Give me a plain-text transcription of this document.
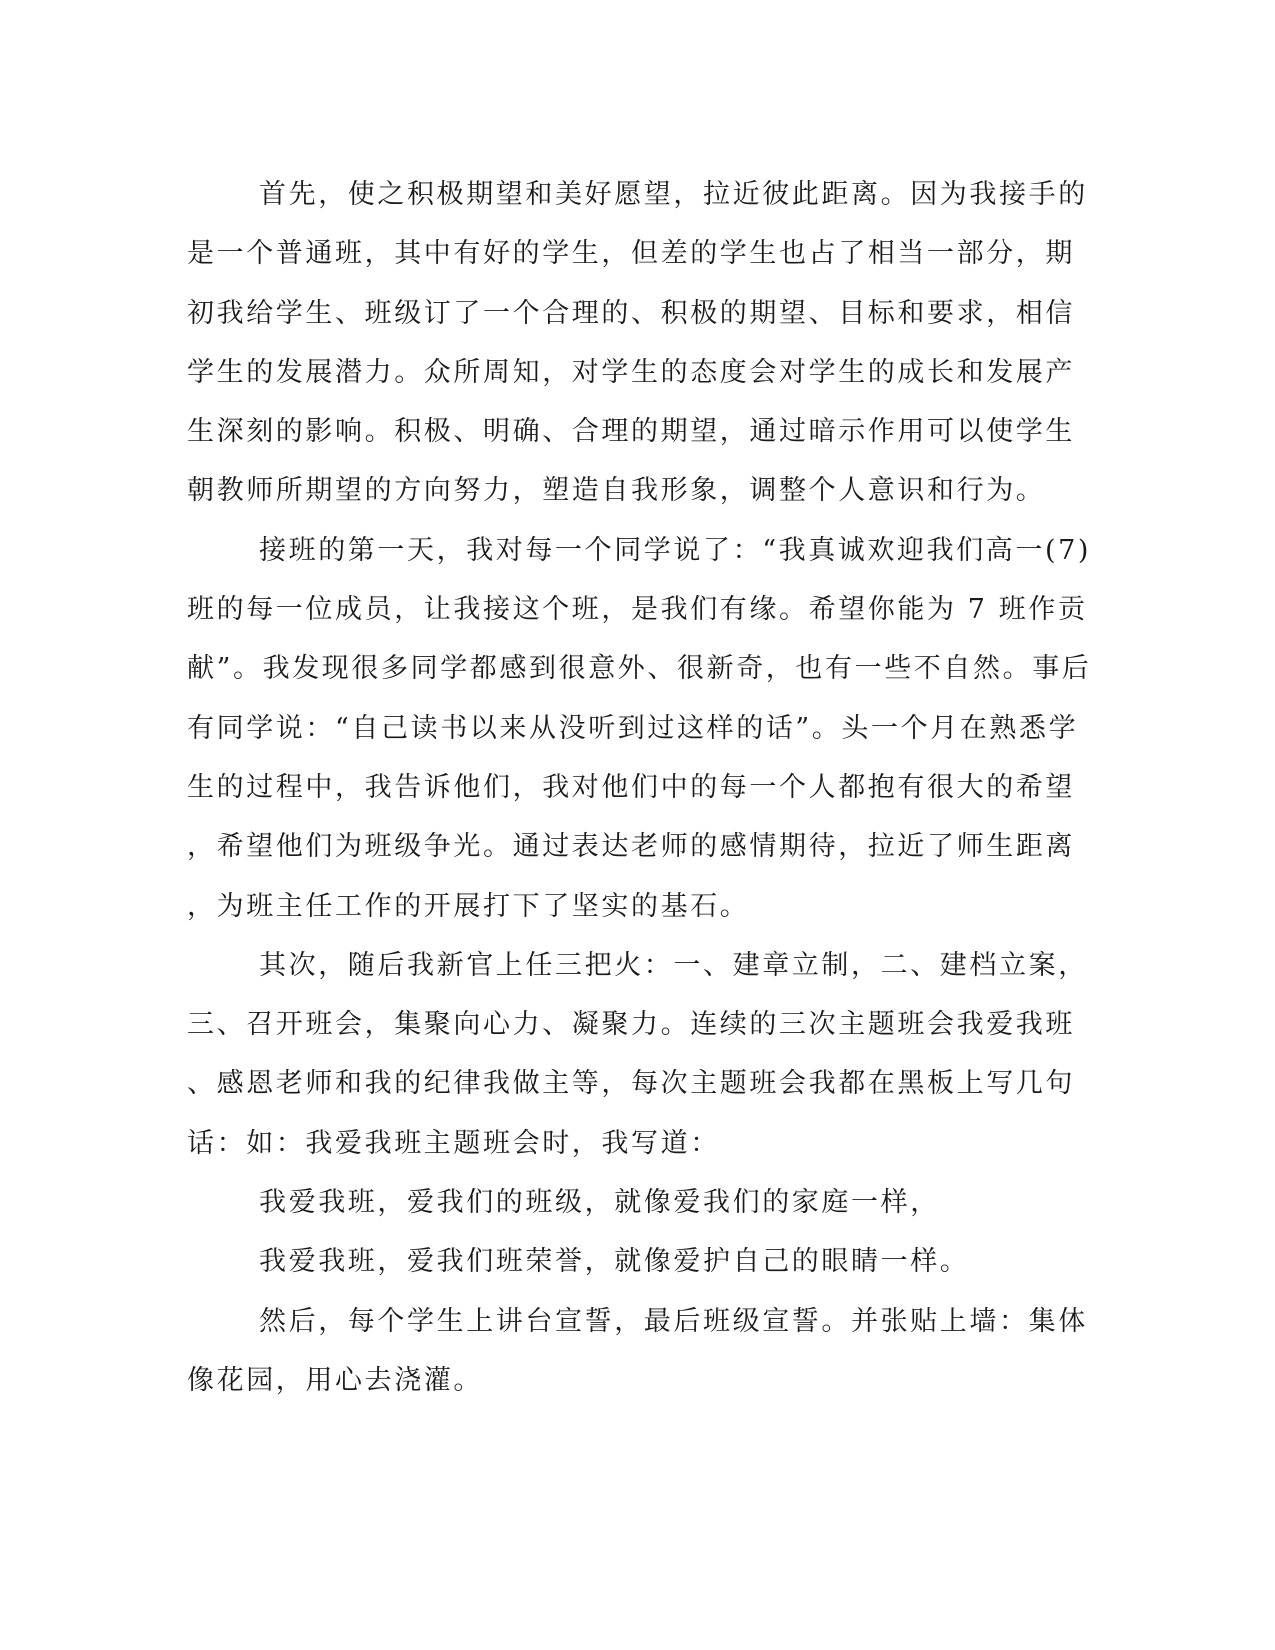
首先，使之积极期望和美好愿望，拉近彼此距离。因为我接手的
是一个普通班，其中有好的学生，但差的学生也占了相当一部分，期
初我给学生、班级订了一个合理的、积极的期望、目标和要求，相信
学生的发展潜力。众所周知，对学生的态度会对学生的成长和发展产
生深刻的影响。积极、明确、合理的期望，通过暗示作用可以使学生
朝教师所期望的方向努力，塑造自我形象，调整个人意识和行为。
接班的第一天，我对每一个同学说了：“我真诚欢迎我们高一(7)
班的每一位成员，让我接这个班，是我们有缘。希望你能为 7 班作贡
献”。我发现很多同学都感到很意外、很新奇，也有一些不自然。事后
有同学说：“自己读书以来从没听到过这样的话”。头一个月在熟悉学
生的过程中，我告诉他们，我对他们中的每一个人都抱有很大的希望
，希望他们为班级争光。通过表达老师的感情期待，拉近了师生距离
，为班主任工作的开展打下了坚实的基石。
其次，随后我新官上任三把火：一、建章立制，二、建档立案，
三、召开班会，集聚向心力、凝聚力。连续的三次主题班会我爱我班
、感恩老师和我的纪律我做主等，每次主题班会我都在黑板上写几句
话：如：我爱我班主题班会时，我写道：
我爱我班，爱我们的班级，就像爱我们的家庭一样，
我爱我班，爱我们班荣誉，就像爱护自己的眼睛一样。
然后，每个学生上讲台宣誓，最后班级宣誓。并张贴上墙：集体
像花园，用心去浇灌。
